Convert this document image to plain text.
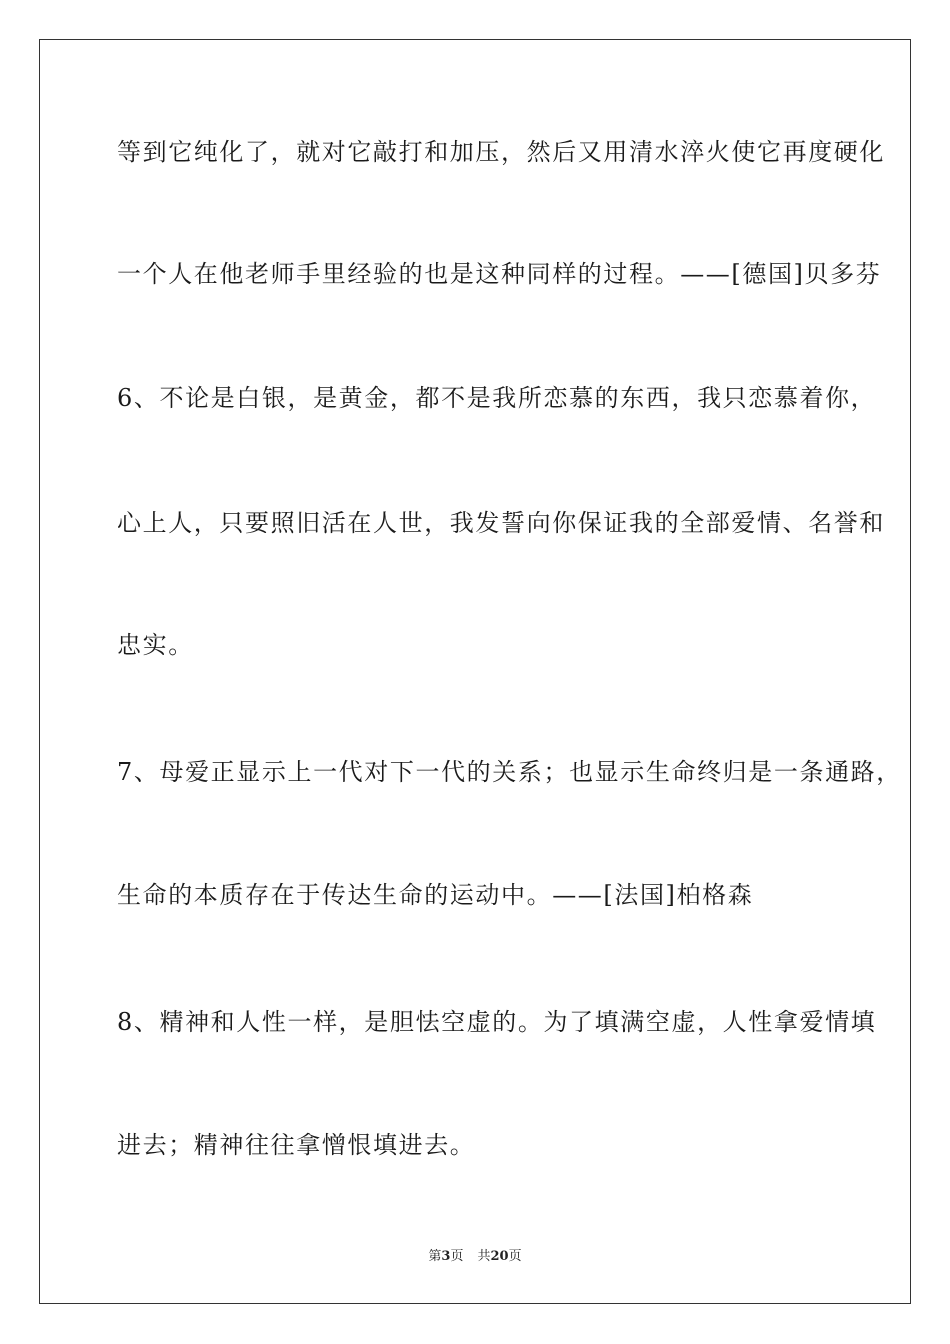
等到它纯化了，就对它敲打和加压，然后又用清水淬火使它再度硬化
一个人在他老师手里经验的也是这种同样的过程。——[德国]贝多芬
6、不论是白银，是黄金，都不是我所恋慕的东西，我只恋慕着你，
心上人，只要照旧活在人世，我发誓向你保证我的全部爱情、名誉和
忠实。
7、母爱正显示上一代对下一代的关系；也显示生命终归是一条通路，
生命的本质存在于传达生命的运动中。——[法国]柏格森
8、精神和人性一样，是胆怯空虚的。为了填满空虚，人性拿爱情填
进去；精神往往拿憎恨填进去。
第3页 共20页
